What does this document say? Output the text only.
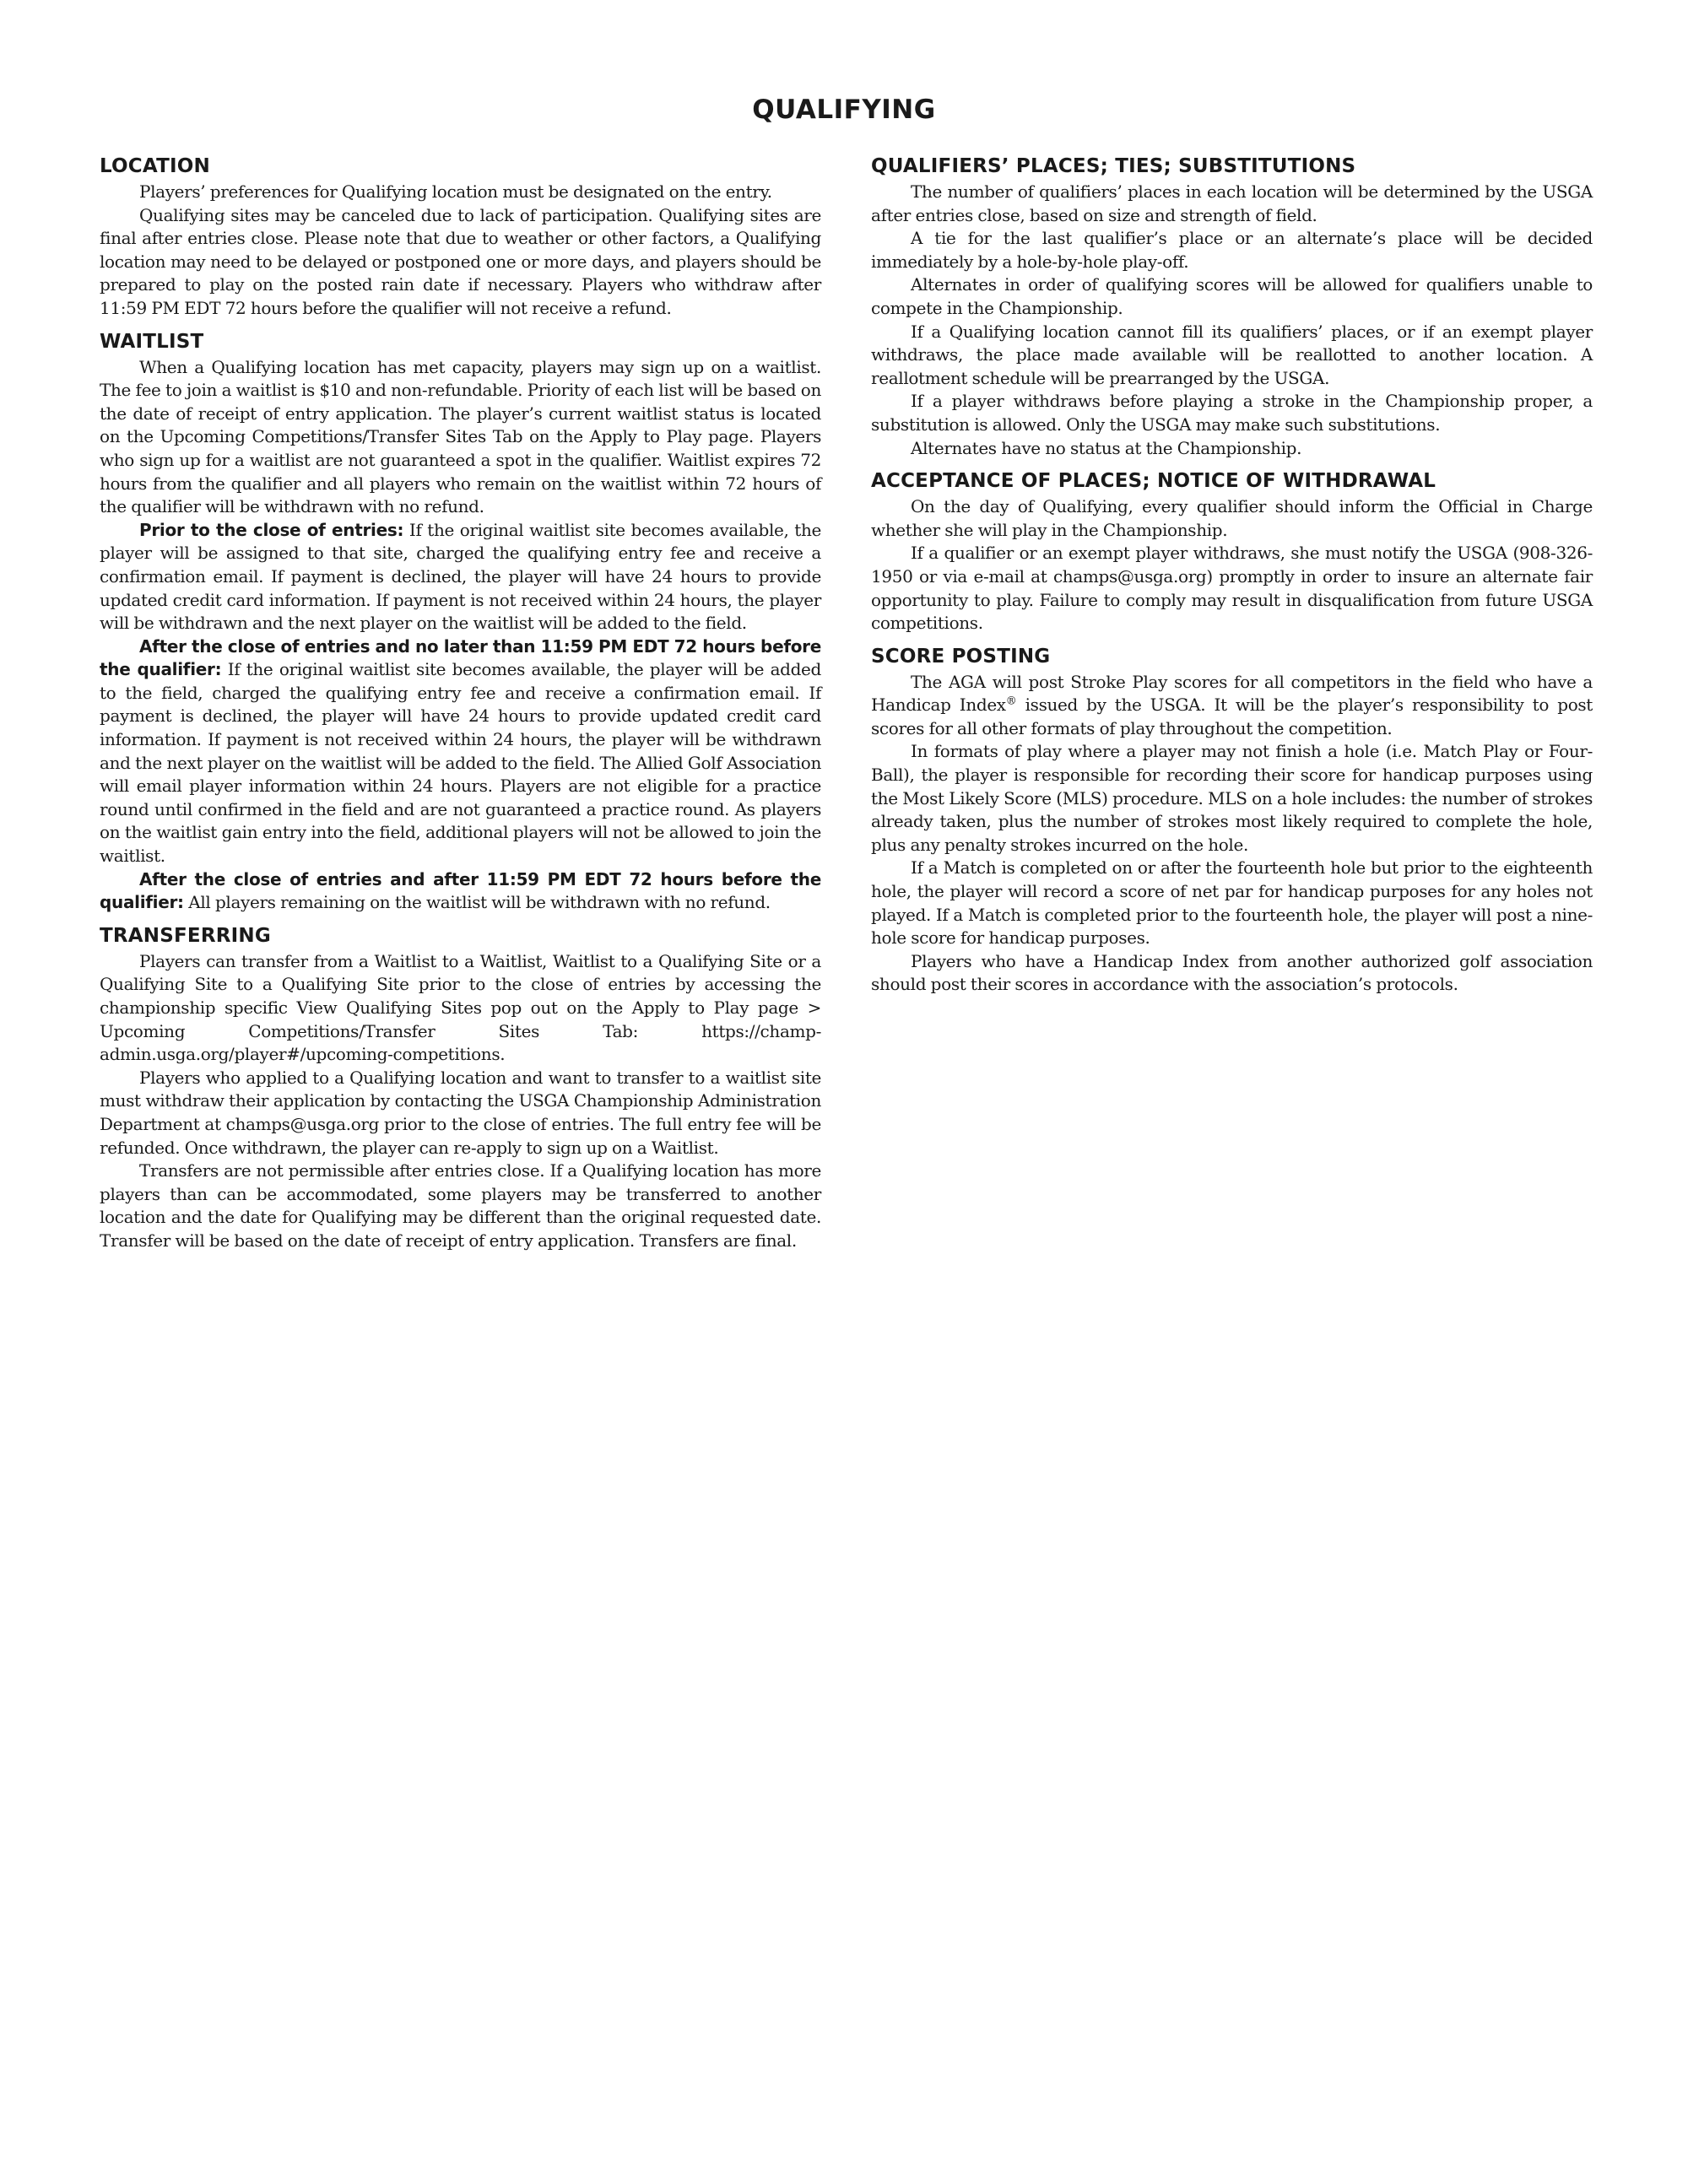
QUALIFYING
LOCATION

Players’ preferences for Qualifying location must be designated on the entry.

Qualifying sites may be canceled due to lack of participation. Qualifying sites are final after entries close. Please note that due to weather or other factors, a Qualifying location may need to be delayed or postponed one or more days, and players should be prepared to play on the posted rain date if necessary. Players who withdraw after 11:59 PM EDT 72 hours before the qualifier will not receive a refund.

WAITLIST

When a Qualifying location has met capacity, players may sign up on a waitlist. The fee to join a waitlist is $10 and non-refundable. Priority of each list will be based on the date of receipt of entry application. The player’s current waitlist status is located on the Upcoming Competitions/Transfer Sites Tab on the Apply to Play page. Players who sign up for a waitlist are not guaranteed a spot in the qualifier. Waitlist expires 72 hours from the qualifier and all players who remain on the waitlist within 72 hours of the qualifier will be withdrawn with no refund.

Prior to the close of entries: If the original waitlist site becomes available, the player will be assigned to that site, charged the qualifying entry fee and receive a confirmation email. If payment is declined, the player will have 24 hours to provide updated credit card information. If payment is not received within 24 hours, the player will be withdrawn and the next player on the waitlist will be added to the field.

After the close of entries and no later than 11:59 PM EDT 72 hours before the qualifier: If the original waitlist site becomes available, the player will be added to the field, charged the qualifying entry fee and receive a confirmation email. If payment is declined, the player will have 24 hours to provide updated credit card information. If payment is not received within 24 hours, the player will be withdrawn and the next player on the waitlist will be added to the field. The Allied Golf Association will email player information within 24 hours. Players are not eligible for a practice round until confirmed in the field and are not guaranteed a practice round. As players on the waitlist gain entry into the field, additional players will not be allowed to join the waitlist.

After the close of entries and after 11:59 PM EDT 72 hours before the qualifier: All players remaining on the waitlist will be withdrawn with no refund.

TRANSFERRING

Players can transfer from a Waitlist to a Waitlist, Waitlist to a Qualifying Site or a Qualifying Site to a Qualifying Site prior to the close of entries by accessing the championship specific View Qualifying Sites pop out on the Apply to Play page > Upcoming Competitions/Transfer Sites Tab: https://champ-admin.usga.org/player#/upcoming-competitions.

Players who applied to a Qualifying location and want to transfer to a waitlist site must withdraw their application by contacting the USGA Championship Administration Department at champs@usga.org prior to the close of entries. The full entry fee will be refunded. Once withdrawn, the player can re-apply to sign up on a Waitlist.

Transfers are not permissible after entries close. If a Qualifying location has more players than can be accommodated, some players may be transferred to another location and the date for Qualifying may be different than the original requested date. Transfer will be based on the date of receipt of entry application. Transfers are final.

QUALIFIERS’ PLACES; TIES; SUBSTITUTIONS

The number of qualifiers’ places in each location will be determined by the USGA after entries close, based on size and strength of field.

A tie for the last qualifier’s place or an alternate’s place will be decided immediately by a hole-by-hole play-off.

Alternates in order of qualifying scores will be allowed for qualifiers unable to compete in the Championship.

If a Qualifying location cannot fill its qualifiers’ places, or if an exempt player withdraws, the place made available will be reallotted to another location. A reallotment schedule will be prearranged by the USGA.

If a player withdraws before playing a stroke in the Championship proper, a substitution is allowed. Only the USGA may make such substitutions.

Alternates have no status at the Championship.

ACCEPTANCE OF PLACES; NOTICE OF WITHDRAWAL

On the day of Qualifying, every qualifier should inform the Official in Charge whether she will play in the Championship.

If a qualifier or an exempt player withdraws, she must notify the USGA (908-326-1950 or via e-mail at champs@usga.org) promptly in order to insure an alternate fair opportunity to play. Failure to comply may result in disqualification from future USGA competitions.

SCORE POSTING

The AGA will post Stroke Play scores for all competitors in the field who have a Handicap Index® issued by the USGA. It will be the player’s responsibility to post scores for all other formats of play throughout the competition.

In formats of play where a player may not finish a hole (i.e. Match Play or Four-Ball), the player is responsible for recording their score for handicap purposes using the Most Likely Score (MLS) procedure. MLS on a hole includes: the number of strokes already taken, plus the number of strokes most likely required to complete the hole, plus any penalty strokes incurred on the hole.

If a Match is completed on or after the fourteenth hole but prior to the eighteenth hole, the player will record a score of net par for handicap purposes for any holes not played. If a Match is completed prior to the fourteenth hole, the player will post a nine-hole score for handicap purposes.

Players who have a Handicap Index from another authorized golf association should post their scores in accordance with the association’s protocols.
